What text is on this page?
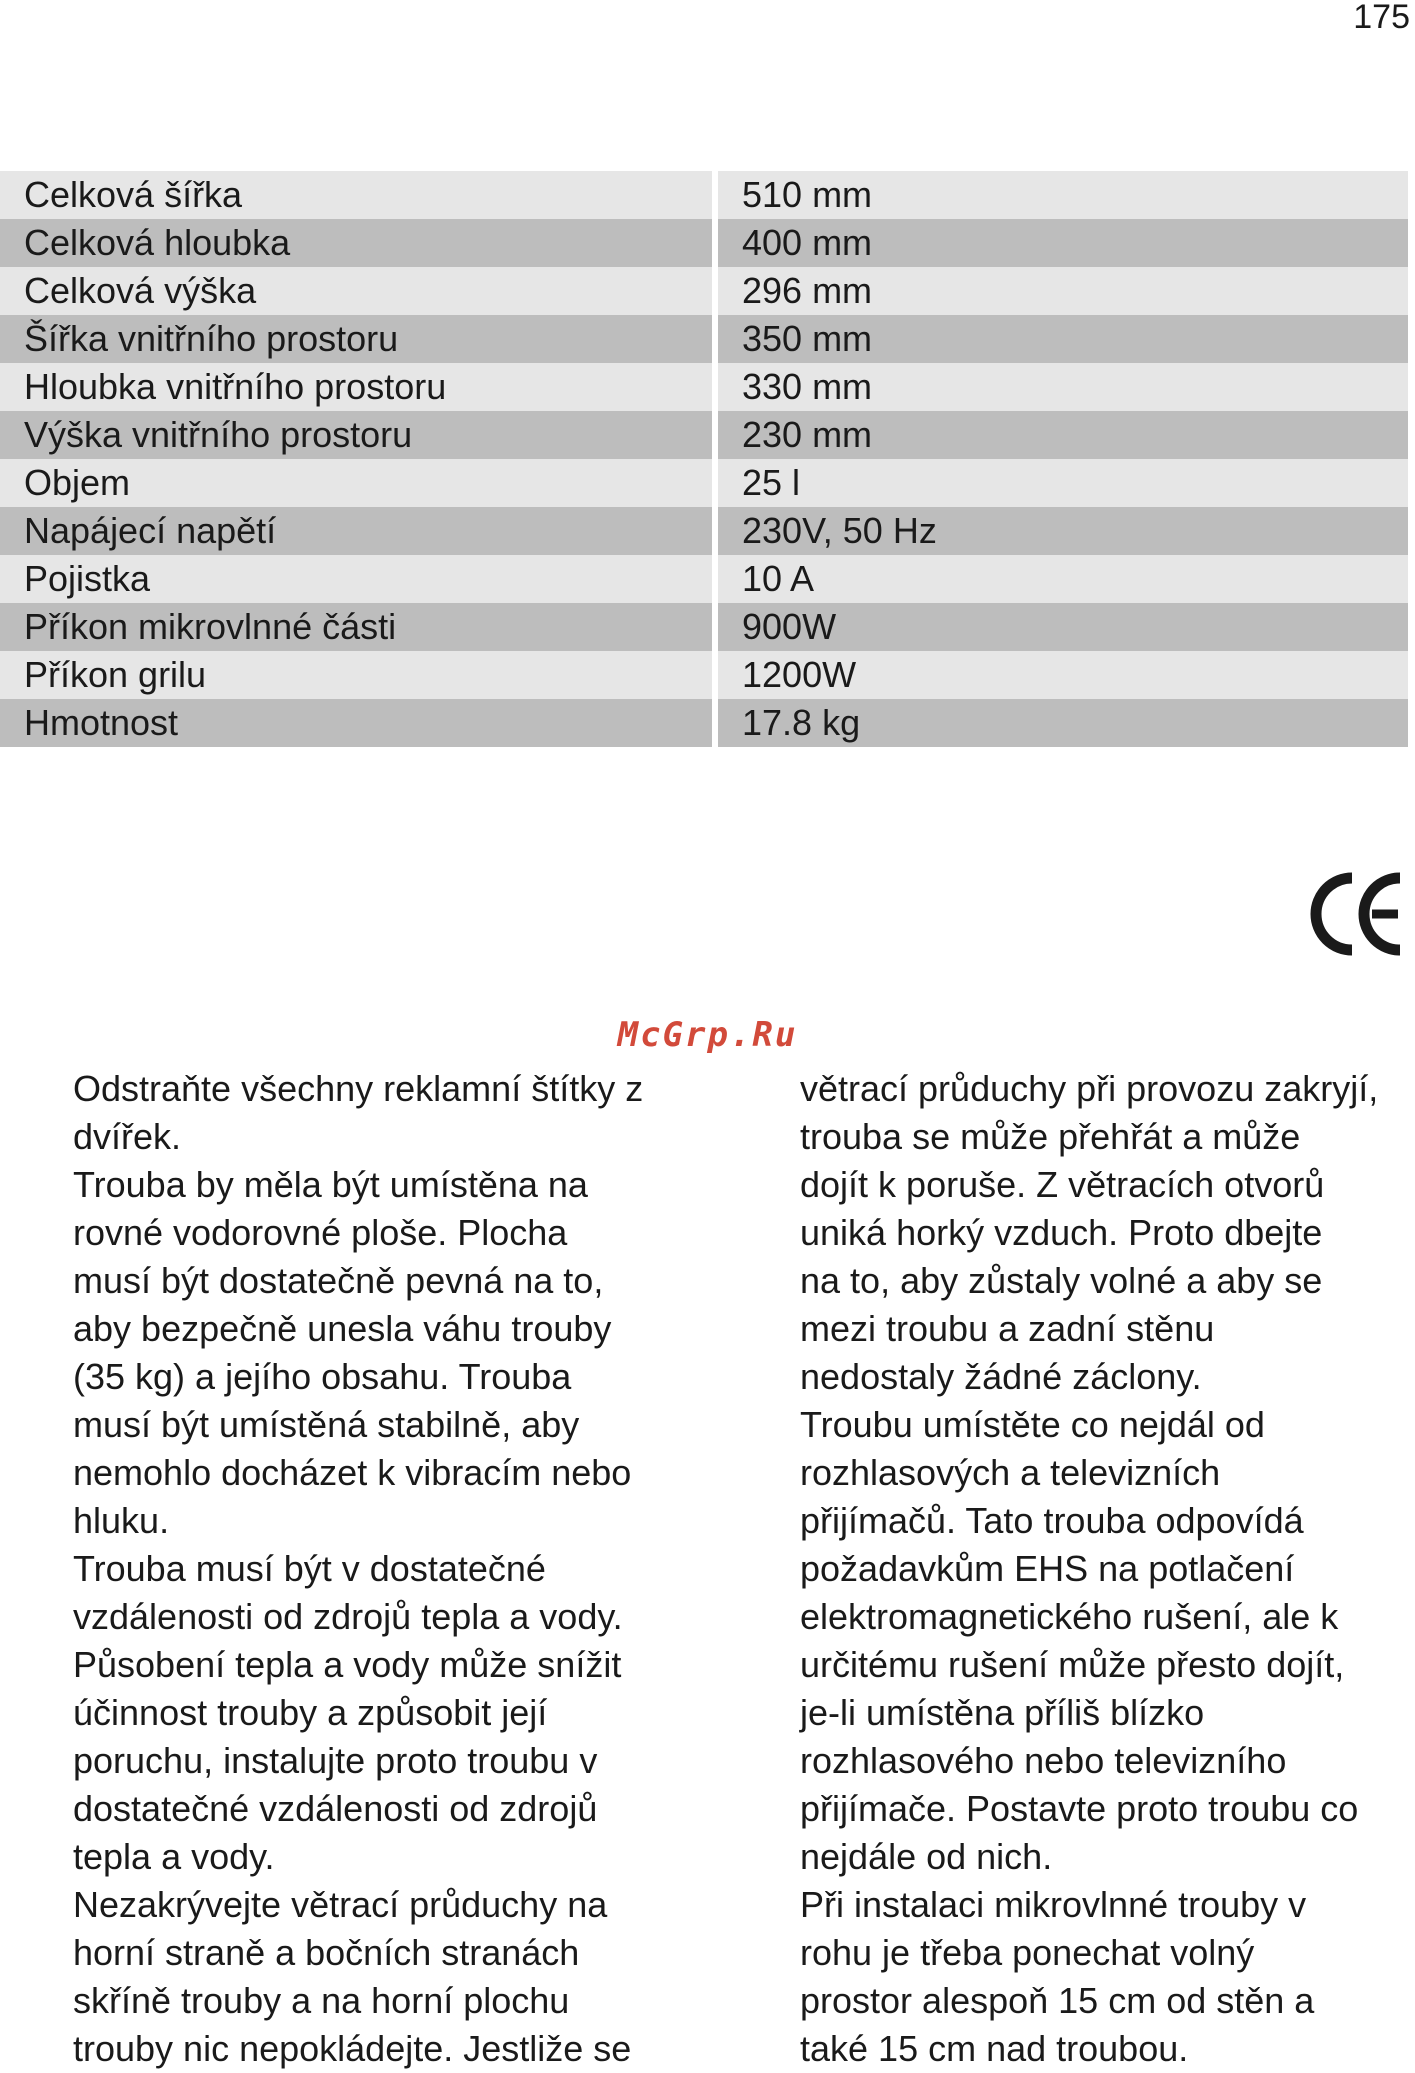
175
Celková šířka	510 mm
Celková hloubka	400 mm
Celková výška	296 mm
Šířka vnitřního prostoru	350 mm
Hloubka vnitřního prostoru	330 mm
Výška vnitřního prostoru	230 mm
Objem	25 l
Napájecí napětí	230V, 50 Hz
Pojistka	10 A
Příkon mikrovlnné části	900W
Příkon grilu	1200W
Hmotnost	17.8 kg
McGrp.Ru

Odstraňte všechny reklamní štítky z

dvířek.

Trouba by měla být umístěna na

rovné vodorovné ploše. Plocha

musí být dostatečně pevná na to,

aby bezpečně unesla váhu trouby

(35 kg) a jejího obsahu. Trouba

musí být umístěná stabilně, aby

nemohlo docházet k vibracím nebo

hluku.

Trouba musí být v dostatečné

vzdálenosti od zdrojů tepla a vody.

Působení tepla a vody může snížit

účinnost trouby a způsobit její

poruchu, instalujte proto troubu v

dostatečné vzdálenosti od zdrojů

tepla a vody.

Nezakrývejte větrací průduchy na

horní straně a bočních stranách

skříně trouby a na horní plochu

trouby nic nepokládejte. Jestliže se

větrací průduchy při provozu zakryjí,

trouba se může přehřát a může

dojít k poruše. Z větracích otvorů

uniká horký vzduch. Proto dbejte

na to, aby zůstaly volné a aby se

mezi troubu a zadní stěnu

nedostaly žádné záclony.

Troubu umístěte co nejdál od

rozhlasových a televizních

přijímačů. Tato trouba odpovídá

požadavkům EHS na potlačení

elektromagnetického rušení, ale k

určitému rušení může přesto dojít,

je-li umístěna příliš blízko

rozhlasového nebo televizního

přijímače. Postavte proto troubu co

nejdále od nich.

Při instalaci mikrovlnné trouby v

rohu je třeba ponechat volný

prostor alespoň 15 cm od stěn a

také 15 cm nad troubou.
